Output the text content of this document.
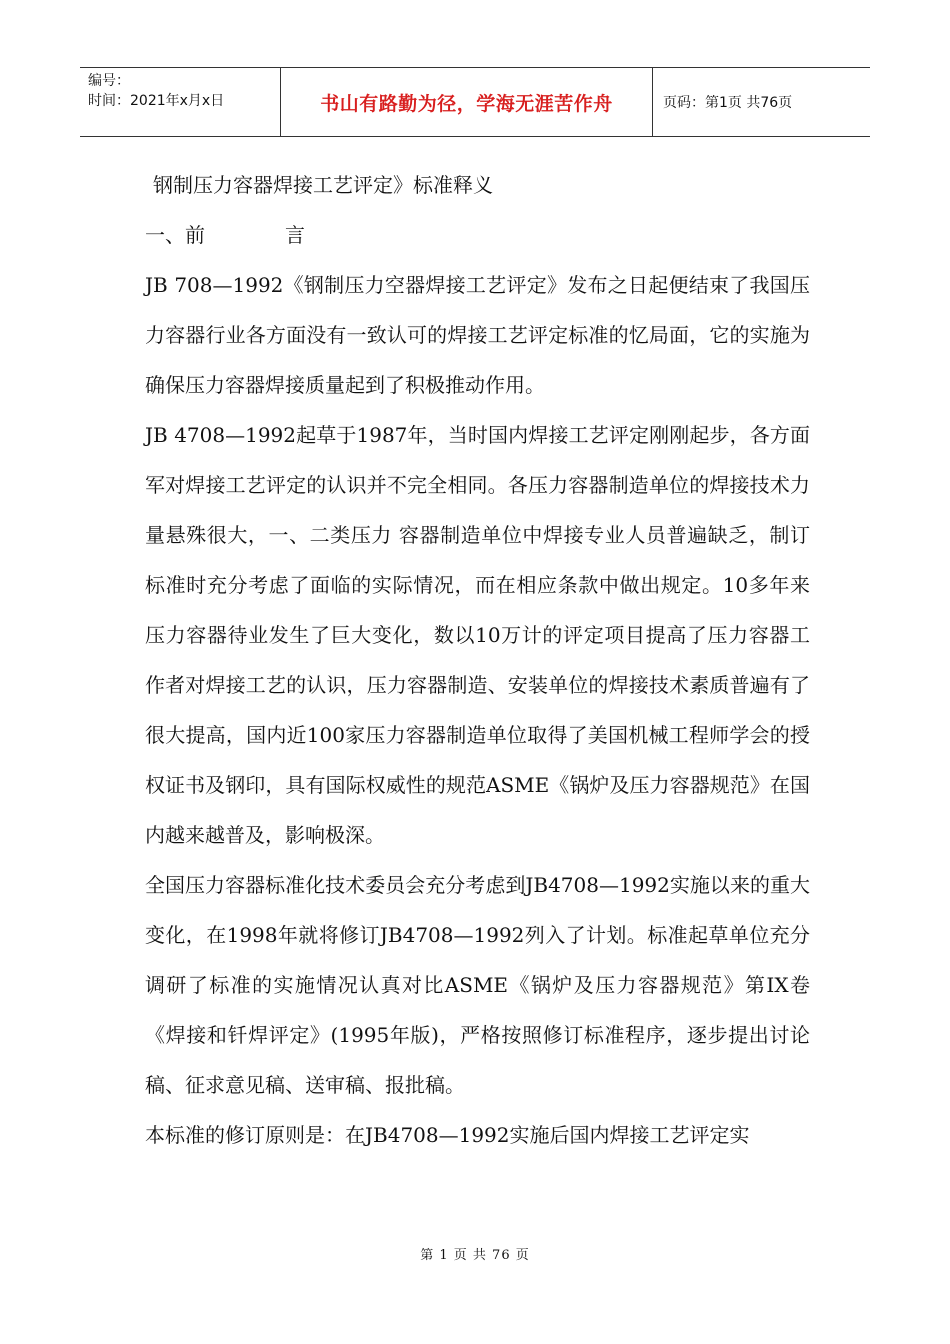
编号：
时间：2021年x月x日	书山有路勤为径，学海无涯苦作舟	页码：第1页 共76页
钢制压力容器焊接工艺评定》标准释义
一、前	言

JB 708—1992《钢制压力空器焊接工艺评定》发布之日起便结束了我国压力容器行业各方面没有一致认可的焊接工艺评定标准的忆局面，它的实施为确保压力容器焊接质量起到了积极推动作用。

JB 4708—1992起草于1987年，当时国内焊接工艺评定刚刚起步，各方面军对焊接工艺评定的认识并不完全相同。各压力容器制造单位的焊接技术力量悬殊很大，一、二类压力 容器制造单位中焊接专业人员普遍缺乏，制订标准时充分考虑了面临的实际情况，而在相应条款中做出规定。10多年来压力容器待业发生了巨大变化，数以10万计的评定项目提高了压力容器工作者对焊接工艺的认识，压力容器制造、安装单位的焊接技术素质普遍有了很大提高，国内近100家压力容器制造单位取得了美国机械工程师学会的授权证书及钢印，具有国际权威性的规范ASME《锅炉及压力容器规范》在国内越来越普及，影响极深。

全国压力容器标准化技术委员会充分考虑到JB4708—1992实施以来的重大变化，在1998年就将修订JB4708—1992列入了计划。标准起草单位充分调研了标准的实施情况认真对比ASME《锅炉及压力容器规范》第IX卷《焊接和钎焊评定》(1995年版)，严格按照修订标准程序，逐步提出讨论稿、征求意见稿、送审稿、报批稿。

本标准的修订原则是：在JB4708—1992实施后国内焊接工艺评定实

第 1 页 共 76 页
